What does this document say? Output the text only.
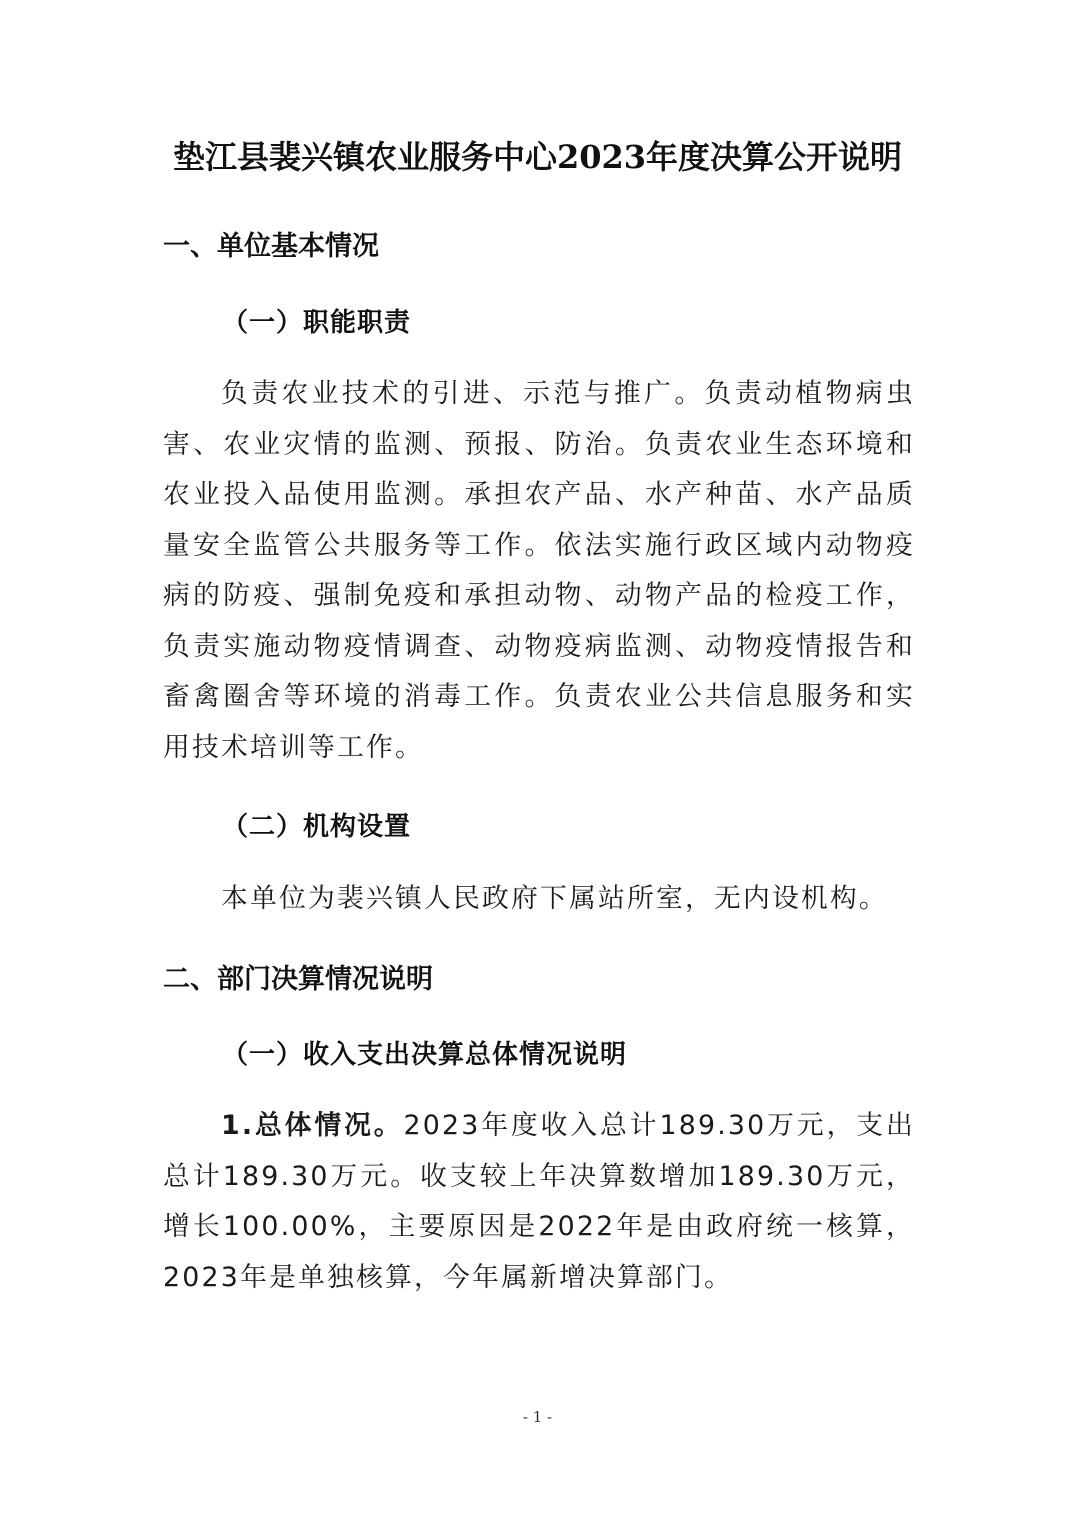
垫江县裴兴镇农业服务中心2023年度决算公开说明
一、单位基本情况
（一）职能职责

负责农业技术的引进、示范与推广。负责动植物病虫害、农业灾情的监测、预报、防治。负责农业生态环境和农业投入品使用监测。承担农产品、水产种苗、水产品质量安全监管公共服务等工作。依法实施行政区域内动物疫病的防疫、强制免疫和承担动物、动物产品的检疫工作，负责实施动物疫情调查、动物疫病监测、动物疫情报告和畜禽圈舍等环境的消毒工作。负责农业公共信息服务和实用技术培训等工作。

（二）机构设置

本单位为裴兴镇人民政府下属站所室，无内设机构。

二、部门决算情况说明
（一）收入支出决算总体情况说明

1.总体情况。2023年度收入总计189.30万元，支出总计189.30万元。收支较上年决算数增加189.30万元，增长100.00%，主要原因是2022年是由政府统一核算，2023年是单独核算，今年属新增决算部门。

- 1 -
